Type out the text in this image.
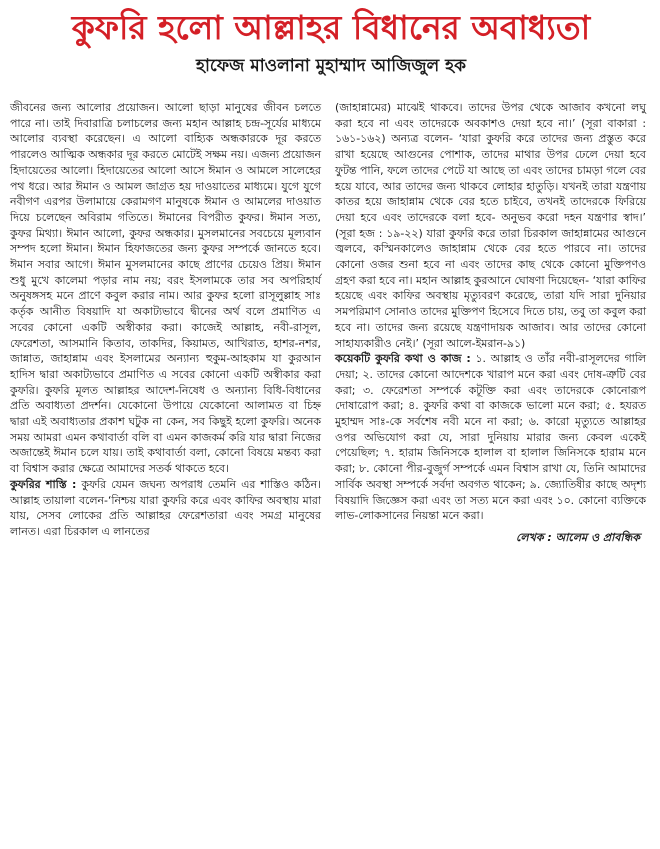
কুফরি হলো আল্লাহর বিধানের অবাধ্যতা
হাফেজ মাওলানা মুহাম্মাদ আজিজুল হক

জীবনের জন্য আলোর প্রয়োজন। আলো ছাড়া মানুষের জীবন চলতে পারে না। তাই দিবারাত্রি চলাচলের জন্য মহান আল্লাহ চন্দ্র-সূর্যের মাধ্যমে আলোর ব্যবস্থা করেছেন। এ আলো বাহ্যিক অন্ধকারকে দূর করতে পারলেও আত্মিক অন্ধকার দূর করতে মোটেই সক্ষম নয়। এজন্য প্রয়োজন হিদায়েতের আলো। হিদায়েতের আলো আসে ঈমান ও আমলে সালেহের পথ ধরে। আর ঈমান ও আমল জাগ্রত হয় দাওয়াতের মাধ্যমে। যুগে যুগে নবীগণ এরপর উলামায়ে কেরামগণ মানুষকে ঈমান ও আমলের দাওয়াত দিয়ে চলেছেন অবিরাম গতিতে। ঈমানের বিপরীত কুফর। ঈমান সত্য, কুফর মিথ্যা। ঈমান আলো, কুফর অন্ধকার। মুসলমানের সবচেয়ে মূল্যবান সম্পদ হলো ঈমান। ঈমান হিফাজতের জন্য কুফর সম্পর্কে জানতে হবে। ঈমান সবার আগে। ঈমান মুসলমানের কাছে প্রাণের চেয়েও প্রিয়। ঈমান শুধু মুখে কালেমা পড়ার নাম নয়; বরং ইসলামকে তার সব অপরিহার্য অনুষঙ্গসহ মনে প্রাণে কবুল করার নাম। আর কুফর হলো রাসূলুল্লাহ সাঃ কর্তৃক আনীত বিষয়াদি যা অকাট্যভাবে দ্বীনের অর্থ বলে প্রমাণিত এ সবের কোনো একটি অস্বীকার করা। কাজেই আল্লাহ, নবী-রাসূল, ফেরেশতা, আসমানি কিতাব, তাকদির, কিয়ামত, আখিরাত, হাশর-নশর, জান্নাত, জাহান্নাম এবং ইসলামের অন্যান্য হুকুম-আহকাম যা কুরআন হাদিস দ্বারা অকাট্যভাবে প্রমাণিত এ সবের কোনো একটি অস্বীকার করা কুফরি। কুফরি মূলত আল্লাহর আদেশ-নিষেধ ও অন্যান্য বিধি-বিধানের প্রতি অবাধ্যতা প্রদর্শন। যেকোনো উপায়ে যেকোনো আলামত বা চিহ্ন দ্বারা এই অবাধ্যতার প্রকাশ ঘটুক না কেন, সব কিছুই হলো কুফরি। অনেক সময় আমরা এমন কথাবার্তা বলি বা এমন কাজকর্ম করি যার দ্বারা নিজের অজান্তেই ঈমান চলে যায়। তাই কথাবার্তা বলা, কোনো বিষয়ে মন্তব্য করা বা বিশ্বাস করার ক্ষেত্রে আমাদের সতর্ক থাকতে হবে।

কুফরির শাস্তি : কুফরি যেমন জঘন্য অপরাধ তেমনি এর শাস্তিও কঠিন। আল্লাহ তায়ালা বলেন-‘নিশ্চয় যারা কুফরি করে এবং কাফির অবস্থায় মারা যায়, সেসব লোকের প্রতি আল্লাহর ফেরেশতারা এবং সমগ্র মানুষের লানত। এরা চিরকাল এ লানতের

(জাহান্নামের) মাঝেই থাকবে। তাদের উপর থেকে আজাব কখনো লঘু করা হবে না এবং তাদেরকে অবকাশও দেয়া হবে না।’ (সূরা বাকারা : ১৬১-১৬২) অন্যত্র বলেন- ‘যারা কুফরি করে তাদের জন্য প্রস্তুত করে রাখা হয়েছে আগুনের পোশাক, তাদের মাথার উপর ঢেলে দেয়া হবে ফুটন্ত পানি, ফলে তাদের পেটে যা আছে তা এবং তাদের চামড়া গলে বের হয়ে যাবে, আর তাদের জন্য থাকবে লোহার হাতুড়ি। যখনই তারা যন্ত্রণায় কাতর হয়ে জাহান্নাম থেকে বের হতে চাইবে, তখনই তাদেরকে ফিরিয়ে দেয়া হবে এবং তাদেরকে বলা হবে- অনুভব করো দহন যন্ত্রণার স্বাদ।’ (সূরা হজ : ১৯-২২) যারা কুফরি করে তারা চিরকাল জাহান্নামের আগুনে জ্বলবে, কস্মিনকালেও জাহান্নাম থেকে বের হতে পারবে না। তাদের কোনো ওজর শুনা হবে না এবং তাদের কাছ থেকে কোনো মুক্তিপণও গ্রহণ করা হবে না। মহান আল্লাহ কুরআনে ঘোষণা দিয়েছেন- ‘যারা কাফির হয়েছে এবং কাফির অবস্থায় মৃত্যুবরণ করেছে, তারা যদি সারা দুনিয়ার সমপরিমাণ সোনাও তাদের মুক্তিপণ হিসেবে দিতে চায়, তবু তা কবুল করা হবে না। তাদের জন্য রয়েছে যন্ত্রণাদায়ক আজাব। আর তাদের কোনো সাহায্যকারীও নেই।’ (সূরা আলে-ইমরান-৯১)

কয়েকটি কুফরি কথা ও কাজ : ১. আল্লাহ ও তাঁর নবী-রাসূলদের গালি দেয়া; ২. তাদের কোনো আদেশকে খারাপ মনে করা এবং দোষ-ত্রুটি বের করা; ৩. ফেরেশতা সম্পর্কে কটূক্তি করা এবং তাদেরকে কোনোরূপ দোষারোপ করা; ৪. কুফরি কথা বা কাজকে ভালো মনে করা; ৫. হযরত মুহাম্মদ সাঃ-কে সর্বশেষ নবী মনে না করা; ৬. কারো মৃত্যুতে আল্লাহর ওপর অভিযোগ করা যে, সারা দুনিয়ায় মারার জন্য কেবল একেই পেয়েছিল; ৭. হারাম জিনিসকে হালাল বা হালাল জিনিসকে হারাম মনে করা; ৮. কোনো পীর-বুজুর্গ সম্পর্কে এমন বিশ্বাস রাখা যে, তিনি আমাদের সার্বিক অবস্থা সম্পর্কে সর্বদা অবগত থাকেন; ৯. জ্যোতিষীর কাছে অদৃশ্য বিষয়াদি জিজ্ঞেস করা এবং তা সত্য মনে করা এবং ১০. কোনো ব্যক্তিকে লাভ-লোকসানের নিয়ন্তা মনে করা।

লেখক : আলেম ও প্রাবন্ধিক
